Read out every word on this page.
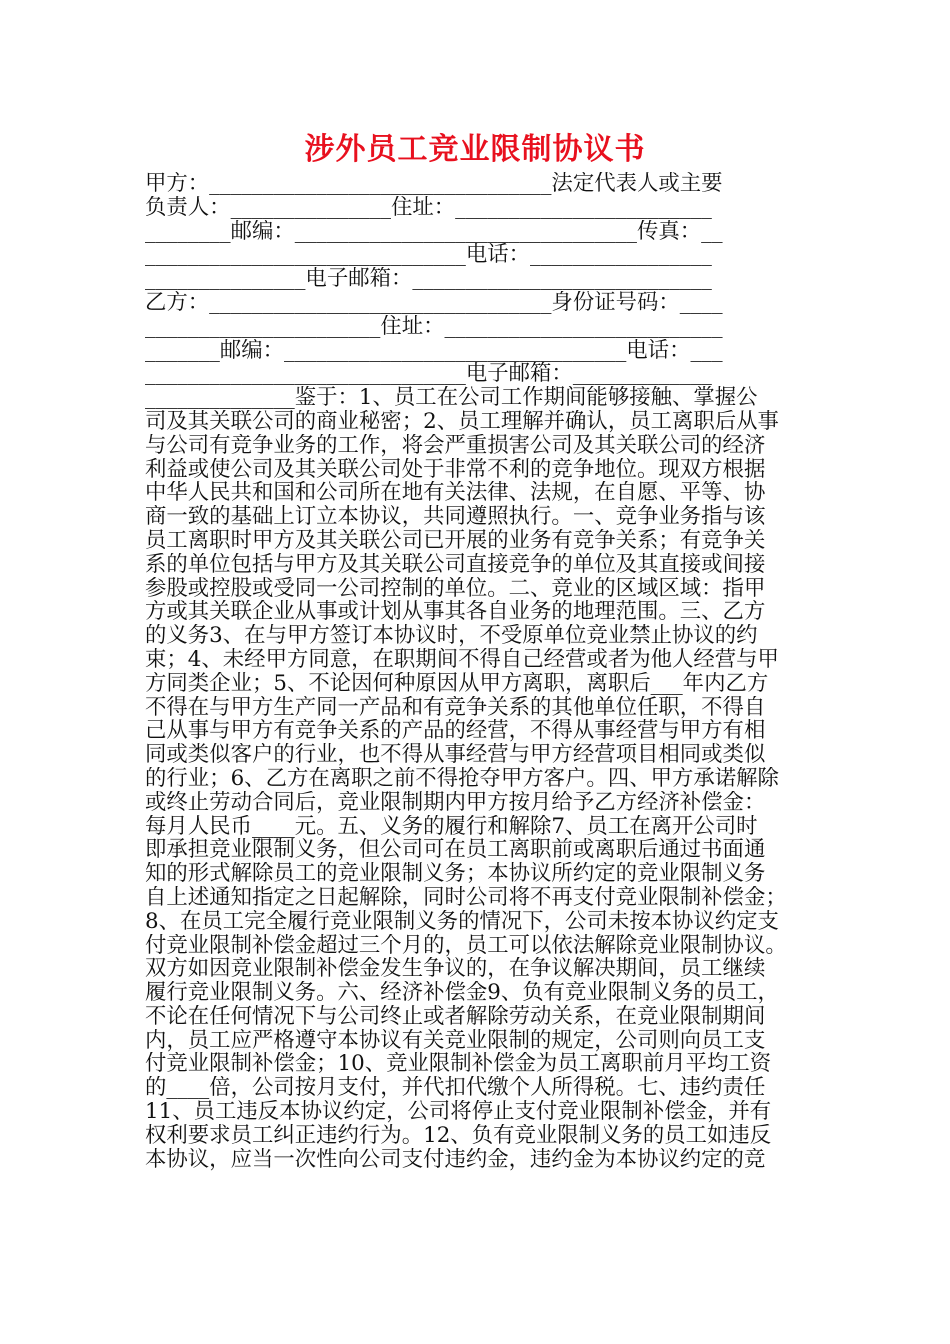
涉外员工竞业限制协议书
甲方：________________________________法定代表人或主要
负责人：_______________住址：________________________
________邮编：________________________________传真：__
______________________________电话：_________________
_______________电子邮箱：____________________________
乙方：________________________________身份证号码：____
______________________住址：__________________________
_______邮编：________________________________电话：___
______________________________电子邮箱：_____________
______________鉴于：1、员工在公司工作期间能够接触、掌握公
司及其关联公司的商业秘密；2、员工理解并确认，员工离职后从事
与公司有竞争业务的工作，将会严重损害公司及其关联公司的经济
利益或使公司及其关联公司处于非常不利的竞争地位。现双方根据
中华人民共和国和公司所在地有关法律、法规，在自愿、平等、协
商一致的基础上订立本协议，共同遵照执行。一、竞争业务指与该
员工离职时甲方及其关联公司已开展的业务有竞争关系；有竞争关
系的单位包括与甲方及其关联公司直接竞争的单位及其直接或间接
参股或控股或受同一公司控制的单位。二、竞业的区域区域：指甲
方或其关联企业从事或计划从事其各自业务的地理范围。三、乙方
的义务3、在与甲方签订本协议时，不受原单位竞业禁止协议的约
束；4、未经甲方同意，在职期间不得自己经营或者为他人经营与甲
方同类企业；5、不论因何种原因从甲方离职，离职后___年内乙方
不得在与甲方生产同一产品和有竞争关系的其他单位任职，不得自
己从事与甲方有竞争关系的产品的经营，不得从事经营与甲方有相
同或类似客户的行业，也不得从事经营与甲方经营项目相同或类似
的行业；6、乙方在离职之前不得抢夺甲方客户。四、甲方承诺解除
或终止劳动合同后，竞业限制期内甲方按月给予乙方经济补偿金：
每月人民币____元。五、义务的履行和解除7、员工在离开公司时
即承担竞业限制义务，但公司可在员工离职前或离职后通过书面通
知的形式解除员工的竞业限制义务；本协议所约定的竞业限制义务
自上述通知指定之日起解除，同时公司将不再支付竞业限制补偿金；
8、在员工完全履行竞业限制义务的情况下，公司未按本协议约定支
付竞业限制补偿金超过三个月的，员工可以依法解除竞业限制协议。
双方如因竞业限制补偿金发生争议的，在争议解决期间，员工继续
履行竞业限制义务。六、经济补偿金9、负有竞业限制义务的员工，
不论在任何情况下与公司终止或者解除劳动关系，在竞业限制期间
内，员工应严格遵守本协议有关竞业限制的规定，公司则向员工支
付竞业限制补偿金；10、竞业限制补偿金为员工离职前月平均工资
的____倍，公司按月支付，并代扣代缴个人所得税。七、违约责任
11、员工违反本协议约定，公司将停止支付竞业限制补偿金，并有
权利要求员工纠正违约行为。12、负有竞业限制义务的员工如违反
本协议，应当一次性向公司支付违约金，违约金为本协议约定的竞
